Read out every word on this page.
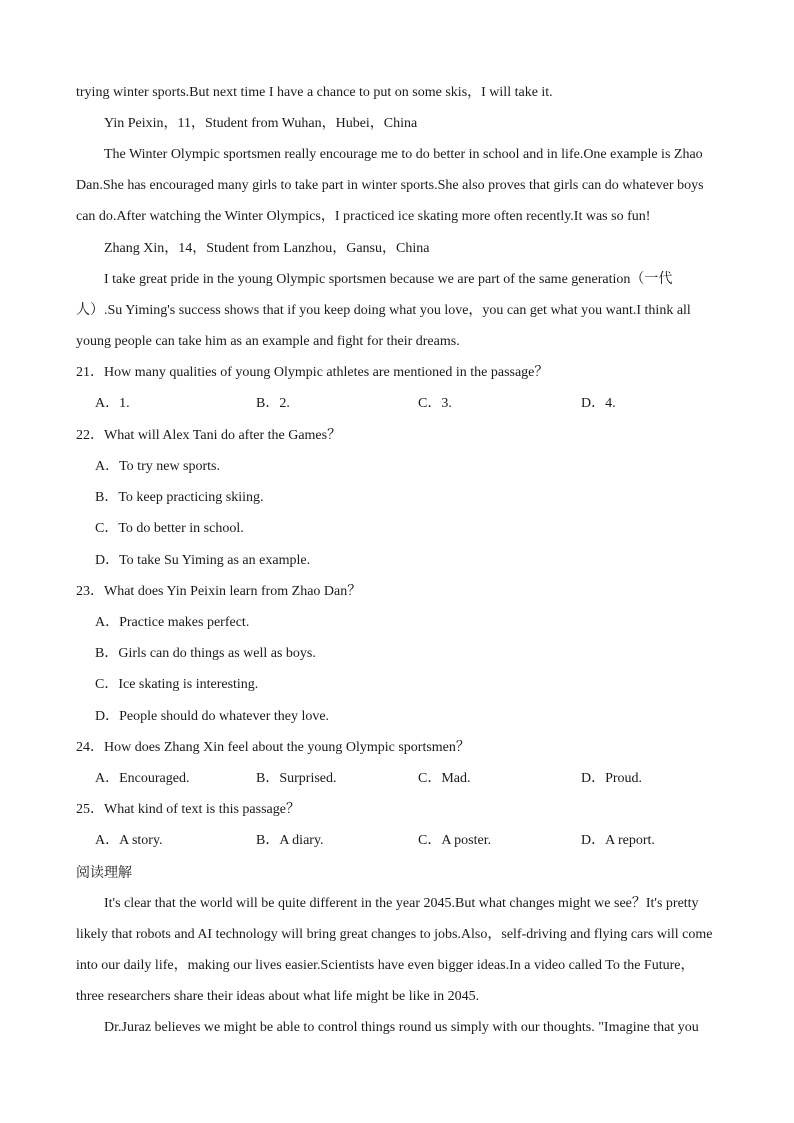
trying winter sports.But next time I have a chance to put on some skis，I will take it.
Yin Peixin，11，Student from Wuhan，Hubei，China
The Winter Olympic sportsmen really encourage me to do better in school and in life.One example is Zhao
Dan.She has encouraged many girls to take part in winter sports.She also proves that girls can do whatever boys
can do.After watching the Winter Olympics，I practiced ice skating more often recently.It was so fun!
Zhang Xin，14，Student from Lanzhou，Gansu，China
I take great pride in the young Olympic sportsmen because we are part of the same generation（一代
人）.Su Yiming's success shows that if you keep doing what you love，you can get what you want.I think all
young people can take him as an example and fight for their dreams.
21．How many qualities of young Olympic athletes are mentioned in the passage？
A．1.	B．2.	C．3.	D．4.
22．What will Alex Tani do after the Games？
A．To try new sports.
B．To keep practicing skiing.
C．To do better in school.
D．To take Su Yiming as an example.
23．What does Yin Peixin learn from Zhao Dan？
A．Practice makes perfect.
B．Girls can do things as well as boys.
C．Ice skating is interesting.
D．People should do whatever they love.
24．How does Zhang Xin feel about the young Olympic sportsmen？
A．Encouraged.	B．Surprised.	C．Mad.	D．Proud.
25．What kind of text is this passage？
A．A story.	B．A diary.	C．A poster.	D．A report.
阅读理解
It's clear that the world will be quite different in the year 2045.But what changes might we see？It's pretty
likely that robots and AI technology will bring great changes to jobs.Also，self-driving and flying cars will come
into our daily life，making our lives easier.Scientists have even bigger ideas.In a video called To the Future，
three researchers share their ideas about what life might be like in 2045.
Dr.Juraz believes we might be able to control things round us simply with our thoughts. "Imagine that you
